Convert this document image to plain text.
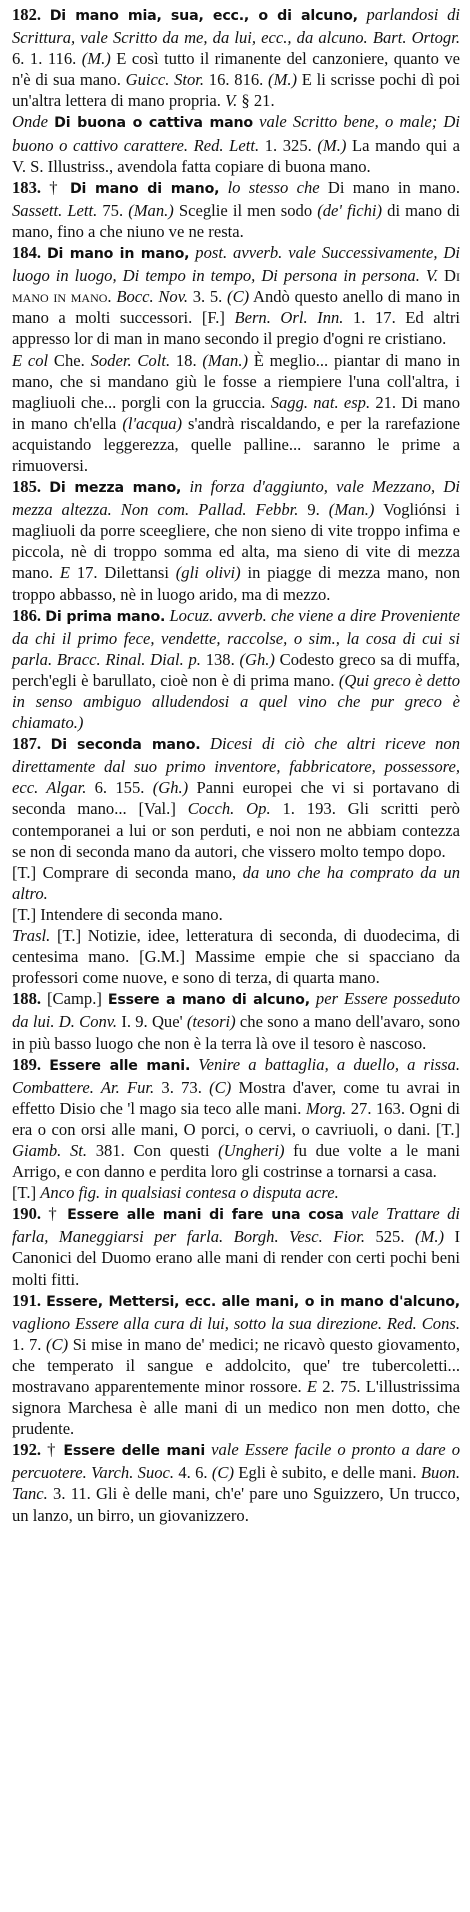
182. Di mano mia, sua, ecc., o di alcuno, parlandosi di Scrittura, vale Scritto da me, da lui, ecc., da alcuno. Bart. Ortogr. 6. 1. 116. (M.) E così tutto il rimanente del canzoniere, quanto ve n'è di sua mano. Guicc. Stor. 16. 816. (M.) E li scrisse pochi dì poi un'altra lettera di mano propria. V. § 21.

Onde Di buona o cattiva mano vale Scritto bene, o male; Di buono o cattivo carattere. Red. Lett. 1. 325. (M.) La mando qui a V. S. Illustriss., avendola fatta copiare di buona mano.

183. † Di mano di mano, lo stesso che Di mano in mano. Sassett. Lett. 75. (Man.) Sceglie il men sodo (de' fichi) di mano di mano, fino a che niuno ve ne resta.

184. Di mano in mano, post. avverb. vale Successivamente, Di luogo in luogo, Di tempo in tempo, Di persona in persona. V. Di mano in mano. Bocc. Nov. 3. 5. (C) Andò questo anello di mano in mano a molti successori. [F.] Bern. Orl. Inn. 1. 17. Ed altri appresso lor di man in mano secondo il pregio d'ogni re cristiano.

E col Che. Soder. Colt. 18. (Man.) È meglio... piantar di mano in mano, che si mandano giù le fosse a riempiere l'una coll'altra, i magliuoli che... porgli con la gruccia. Sagg. nat. esp. 21. Di mano in mano ch'ella (l'acqua) s'andrà riscaldando, e per la rarefazione acquistando leggerezza, quelle palline... saranno le prime a rimuoversi.

185. Di mezza mano, in forza d'aggiunto, vale Mezzano, Di mezza altezza. Non com. Pallad. Febbr. 9. (Man.) Vogliónsi i magliuoli da porre sceegliere, che non sieno di vite troppo infima e piccola, nè di troppo somma ed alta, ma sieno di vite di mezza mano. E 17. Dilettansi (gli olivi) in piagge di mezza mano, non troppo abbasso, nè in luogo arido, ma di mezzo.

186. Di prima mano. Locuz. avverb. che viene a dire Proveniente da chi il primo fece, vendette, raccolse, o sim., la cosa di cui si parla. Bracc. Rinal. Dial. p. 138. (Gh.) Codesto greco sa di muffa, perch'egli è barullato, cioè non è di prima mano. (Qui greco è detto in senso ambiguo alludendosi a quel vino che pur greco è chiamato.)

187. Di seconda mano. Dicesi di ciò che altri riceve non direttamente dal suo primo inventore, fabbricatore, possessore, ecc. Algar. 6. 155. (Gh.) Panni europei che vi si portavano di seconda mano... [Val.] Cocch. Op. 1. 193. Gli scritti però contemporanei a lui or son perduti, e noi non ne abbiam contezza se non di seconda mano da autori, che vissero molto tempo dopo.

[T.] Comprare di seconda mano, da uno che ha comprato da un altro.

[T.] Intendere di seconda mano.

Trasl. [T.] Notizie, idee, letteratura di seconda, di duodecima, di centesima mano. [G.M.] Massime empie che si spacciano da professori come nuove, e sono di terza, di quarta mano.

188. [Camp.] Essere a mano di alcuno, per Essere posseduto da lui. D. Conv. I. 9. Que' (tesori) che sono a mano dell'avaro, sono in più basso luogo che non è la terra là ove il tesoro è nascoso.

189. Essere alle mani. Venire a battaglia, a duello, a rissa. Combattere. Ar. Fur. 3. 73. (C) Mostra d'aver, come tu avrai in effetto Disio che 'l mago sia teco alle mani. Morg. 27. 163. Ogni di era o con orsi alle mani, O porci, o cervi, o cavriuoli, o dani. [T.] Giamb. St. 381. Con questi (Ungheri) fu due volte a le mani Arrigo, e con danno e perdita loro gli costrinse a tornarsi a casa.

[T.] Anco fig. in qualsiasi contesa o disputa acre.

190. † Essere alle mani di fare una cosa vale Trattare di farla, Maneggiarsi per farla. Borgh. Vesc. Fior. 525. (M.) I Canonici del Duomo erano alle mani di render con certi pochi beni molti fitti.

191. Essere, Mettersi, ecc. alle mani, o in mano d'alcuno, vagliono Essere alla cura di lui, sotto la sua direzione. Red. Cons. 1. 7. (C) Si mise in mano de' medici; ne ricavò questo giovamento, che temperato il sangue e addolcito, que' tre tubercoletti... mostravano apparentemente minor rossore. E 2. 75. L'illustrissima signora Marchesa è alle mani di un medico non men dotto, che prudente.

192. † Essere delle mani vale Essere facile o pronto a dare o percuotere. Varch. Suoc. 4. 6. (C) Egli è subito, e delle mani. Buon. Tanc. 3. 11. Gli è delle mani, ch'e' pare uno Sguizzero, Un trucco, un lanzo, un birro, un giovanizzero.
